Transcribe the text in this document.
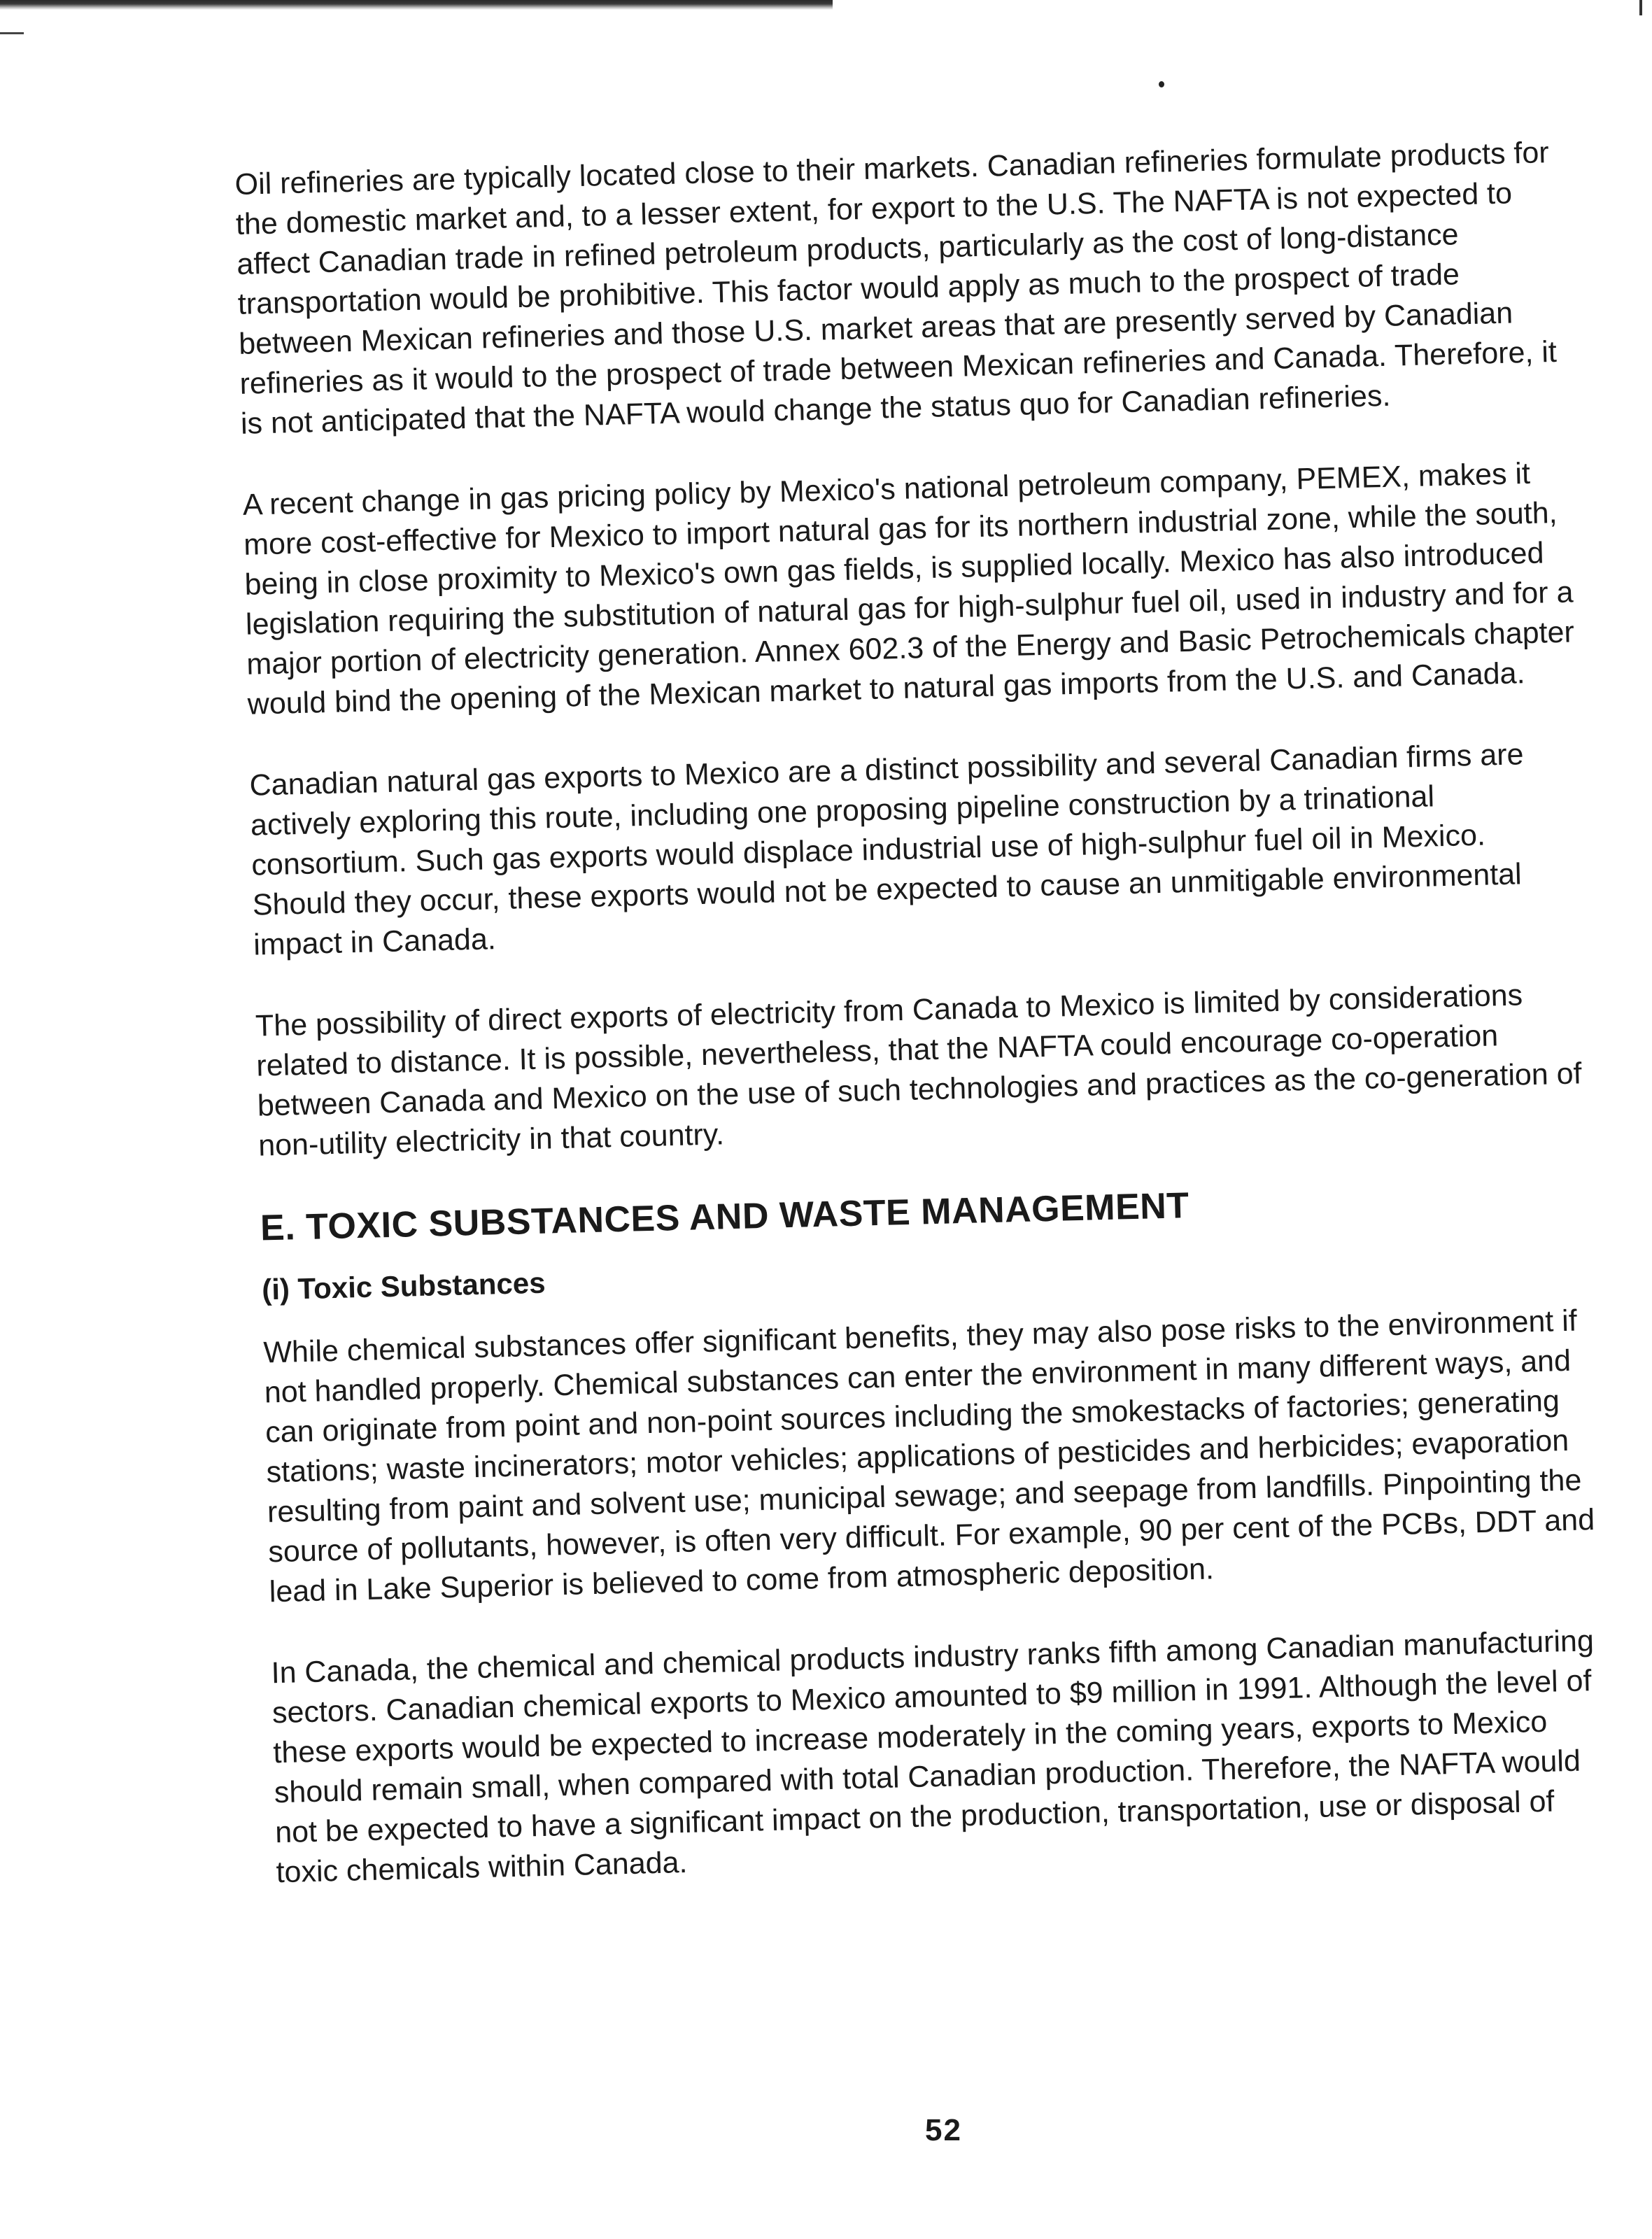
Oil refineries are typically located close to their markets. Canadian refineries formulate products for the domestic market and, to a lesser extent, for export to the U.S. The NAFTA is not expected to affect Canadian trade in refined petroleum products, particularly as the cost of long-distance transportation would be prohibitive. This factor would apply as much to the prospect of trade between Mexican refineries and those U.S. market areas that are presently served by Canadian refineries as it would to the prospect of trade between Mexican refineries and Canada. Therefore, it is not anticipated that the NAFTA would change the status quo for Canadian refineries.

A recent change in gas pricing policy by Mexico's national petroleum company, PEMEX, makes it more cost-effective for Mexico to import natural gas for its northern industrial zone, while the south, being in close proximity to Mexico's own gas fields, is supplied locally. Mexico has also introduced legislation requiring the substitution of natural gas for high-sulphur fuel oil, used in industry and for a major portion of electricity generation. Annex 602.3 of the Energy and Basic Petrochemicals chapter would bind the opening of the Mexican market to natural gas imports from the U.S. and Canada.

Canadian natural gas exports to Mexico are a distinct possibility and several Canadian firms are actively exploring this route, including one proposing pipeline construction by a trinational consortium. Such gas exports would displace industrial use of high-sulphur fuel oil in Mexico. Should they occur, these exports would not be expected to cause an unmitigable environmental impact in Canada.

The possibility of direct exports of electricity from Canada to Mexico is limited by considerations related to distance. It is possible, nevertheless, that the NAFTA could encourage co-operation between Canada and Mexico on the use of such technologies and practices as the co-generation of non-utility electricity in that country.

E. TOXIC SUBSTANCES AND WASTE MANAGEMENT
(i) Toxic Substances

While chemical substances offer significant benefits, they may also pose risks to the environment if not handled properly. Chemical substances can enter the environment in many different ways, and can originate from point and non-point sources including the smokestacks of factories; generating stations; waste incinerators; motor vehicles; applications of pesticides and herbicides; evaporation resulting from paint and solvent use; municipal sewage; and seepage from landfills. Pinpointing the source of pollutants, however, is often very difficult. For example, 90 per cent of the PCBs, DDT and lead in Lake Superior is believed to come from atmospheric deposition.

In Canada, the chemical and chemical products industry ranks fifth among Canadian manufacturing sectors. Canadian chemical exports to Mexico amounted to $9 million in 1991. Although the level of these exports would be expected to increase moderately in the coming years, exports to Mexico should remain small, when compared with total Canadian production. Therefore, the NAFTA would not be expected to have a significant impact on the production, transportation, use or disposal of toxic chemicals within Canada.

52
